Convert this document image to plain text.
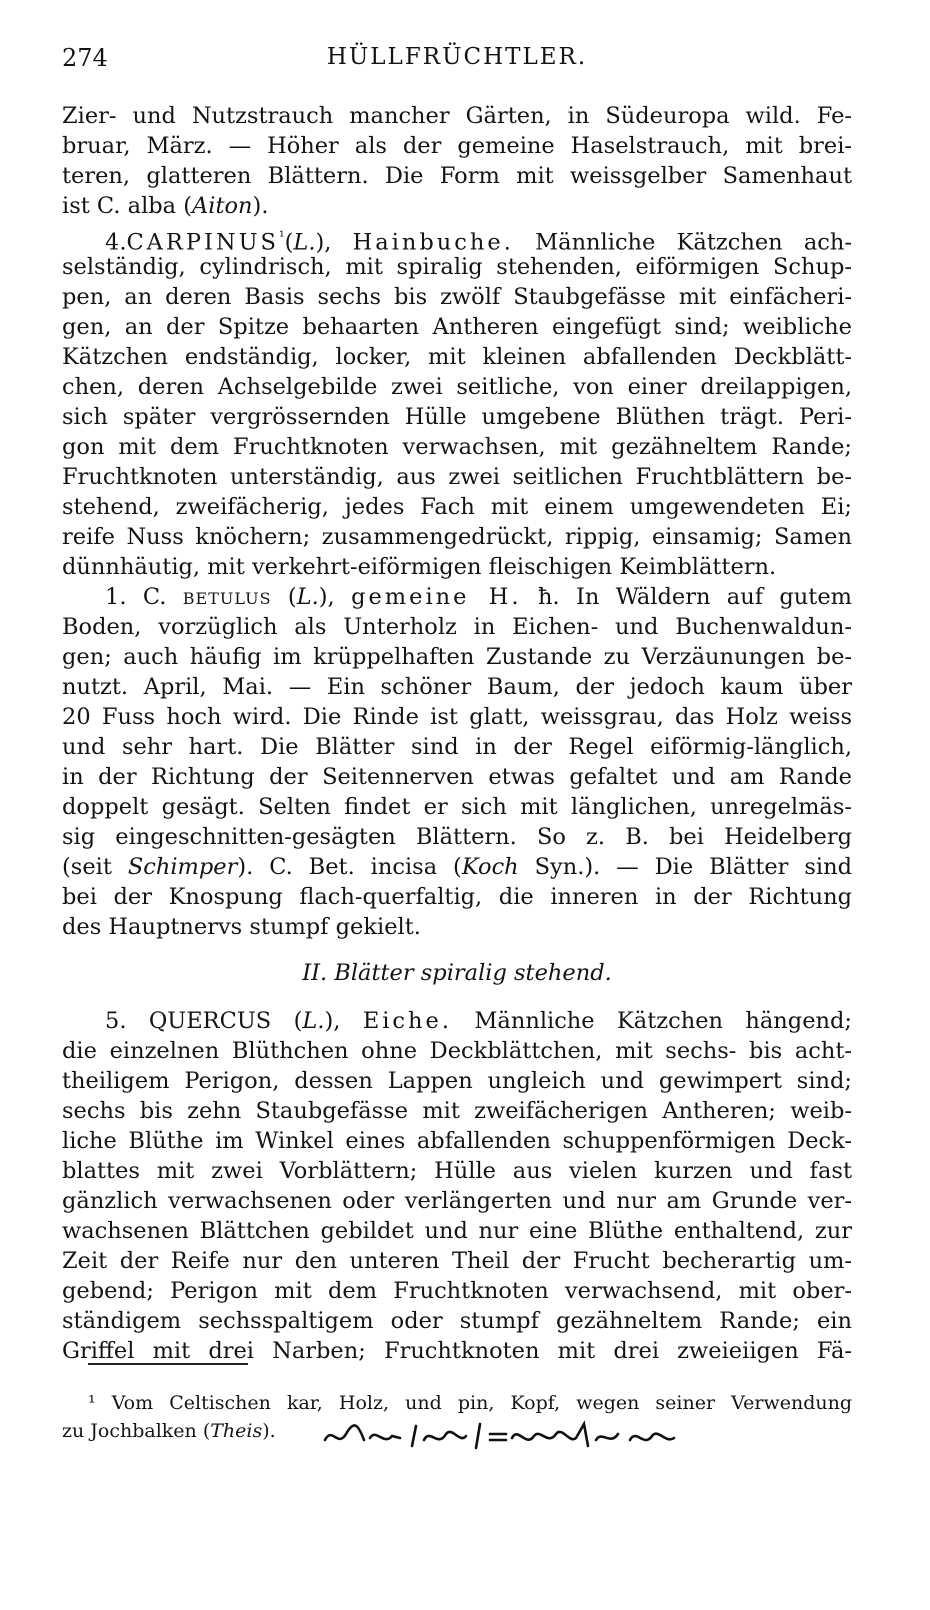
274	HÜLLFRÜCHTLER.
Zier- und Nutzstrauch mancher Gärten, in Südeuropa wild. Fe-
bruar, März. — Höher als der gemeine Haselstrauch, mit brei-
teren, glatteren Blättern. Die Form mit weissgelber Samenhaut
ist C. alba (Aiton).
$4.CARPINUS^{^1}(L.)$, Hainbuche. Männliche Kätzchen ach-
selständig, cylindrisch, mit spiralig stehenden, eiförmigen Schup-
pen, an deren Basis sechs bis zwölf Staubgefässe mit einfächeri-
gen, an der Spitze behaarten Antheren eingefügt sind; weibliche
Kätzchen endständig, locker, mit kleinen abfallenden Deckblätt-
chen, deren Achselgebilde zwei seitliche, von einer dreilappigen,
sich später vergrössernden Hülle umgebene Blüthen trägt. Peri-
gon mit dem Fruchtknoten verwachsen, mit gezähneltem Rande;
Fruchtknoten unterständig, aus zwei seitlichen Fruchtblättern be-
stehend, zweifächerig, jedes Fach mit einem umgewendeten Ei;
reife Nuss knöchern; zusammengedrückt, rippig, einsamig; Samen
dünnhäutig, mit verkehrt-eiförmigen fleischigen Keimblättern.
1. C. betulus (L.), gemeine H. ħ. In Wäldern auf gutem
Boden, vorzüglich als Unterholz in Eichen- und Buchenwaldun-
gen; auch häufig im krüppelhaften Zustande zu Verzäunungen be-
nutzt. April, Mai. — Ein schöner Baum, der jedoch kaum über
20 Fuss hoch wird. Die Rinde ist glatt, weissgrau, das Holz weiss
und sehr hart. Die Blätter sind in der Regel eiförmig-länglich,
in der Richtung der Seitennerven etwas gefaltet und am Rande
doppelt gesägt. Selten findet er sich mit länglichen, unregelmäs-
sig eingeschnitten-gesägten Blättern. So z. B. bei Heidelberg
(seit Schimper). C. Bet. incisa (Koch Syn.). — Die Blätter sind
bei der Knospung flach-querfaltig, die inneren in der Richtung
des Hauptnervs stumpf gekielt.
II. Blätter spiralig stehend.
5. QUERCUS (L.), Eiche. Männliche Kätzchen hängend;
die einzelnen Blüthchen ohne Deckblättchen, mit sechs- bis acht-
theiligem Perigon, dessen Lappen ungleich und gewimpert sind;
sechs bis zehn Staubgefässe mit zweifächerigen Antheren; weib-
liche Blüthe im Winkel eines abfallenden schuppenförmigen Deck-
blattes mit zwei Vorblättern; Hülle aus vielen kurzen und fast
gänzlich verwachsenen oder verlängerten und nur am Grunde ver-
wachsenen Blättchen gebildet und nur eine Blüthe enthaltend, zur
Zeit der Reife nur den unteren Theil der Frucht becherartig um-
gebend; Perigon mit dem Fruchtknoten verwachsend, mit ober-
ständigem sechsspaltigem oder stumpf gezähneltem Rande; ein
Griffel mit drei Narben; Fruchtknoten mit drei zweieiigen Fä-
¹ Vom Celtischen kar, Holz, und pin, Kopf, wegen seiner Verwendung
zu Jochbalken (Theis).
